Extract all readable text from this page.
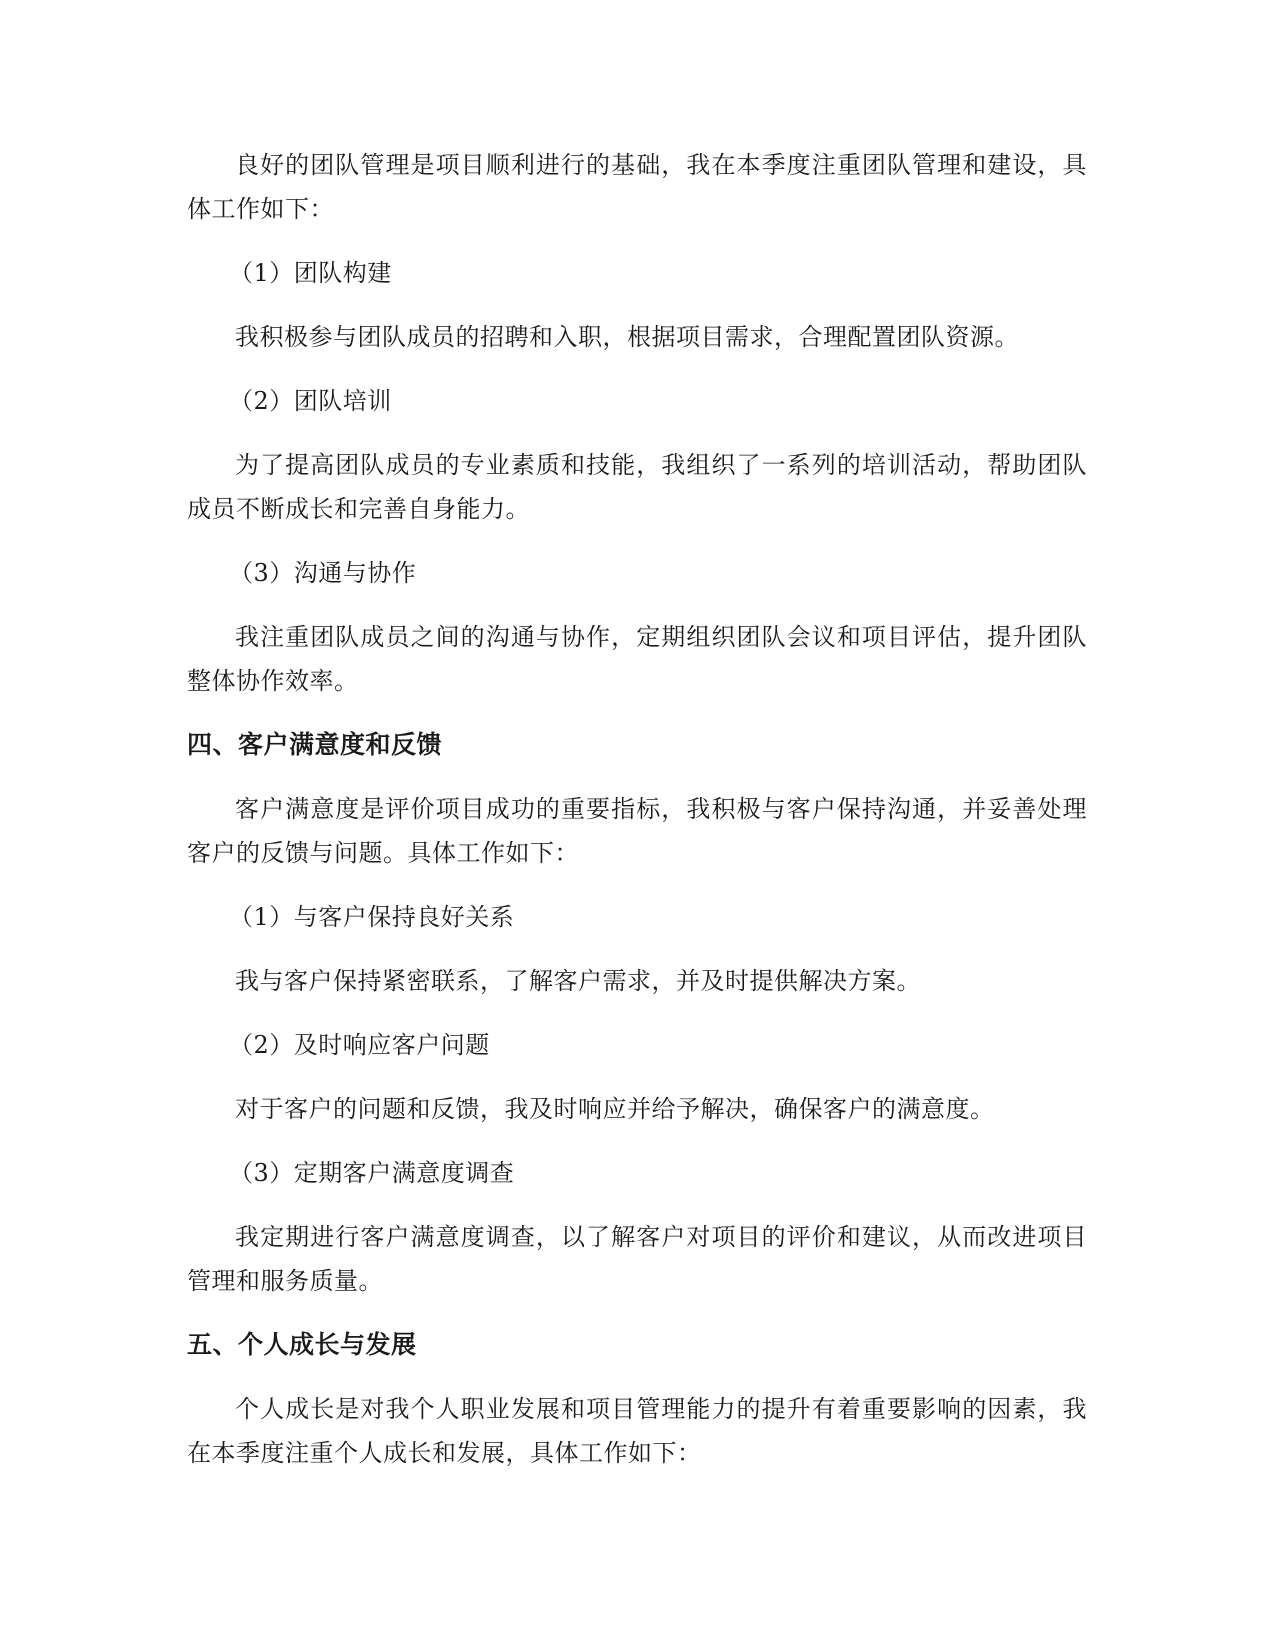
良好的团队管理是项目顺利进行的基础，我在本季度注重团队管理和建设，具体工作如下：

（1）团队构建

我积极参与团队成员的招聘和入职，根据项目需求，合理配置团队资源。

（2）团队培训

为了提高团队成员的专业素质和技能，我组织了一系列的培训活动，帮助团队成员不断成长和完善自身能力。

（3）沟通与协作

我注重团队成员之间的沟通与协作，定期组织团队会议和项目评估，提升团队整体协作效率。

四、客户满意度和反馈

客户满意度是评价项目成功的重要指标，我积极与客户保持沟通，并妥善处理客户的反馈与问题。具体工作如下：

（1）与客户保持良好关系

我与客户保持紧密联系，了解客户需求，并及时提供解决方案。

（2）及时响应客户问题

对于客户的问题和反馈，我及时响应并给予解决，确保客户的满意度。

（3）定期客户满意度调查

我定期进行客户满意度调查，以了解客户对项目的评价和建议，从而改进项目管理和服务质量。

五、个人成长与发展

个人成长是对我个人职业发展和项目管理能力的提升有着重要影响的因素，我在本季度注重个人成长和发展，具体工作如下：
